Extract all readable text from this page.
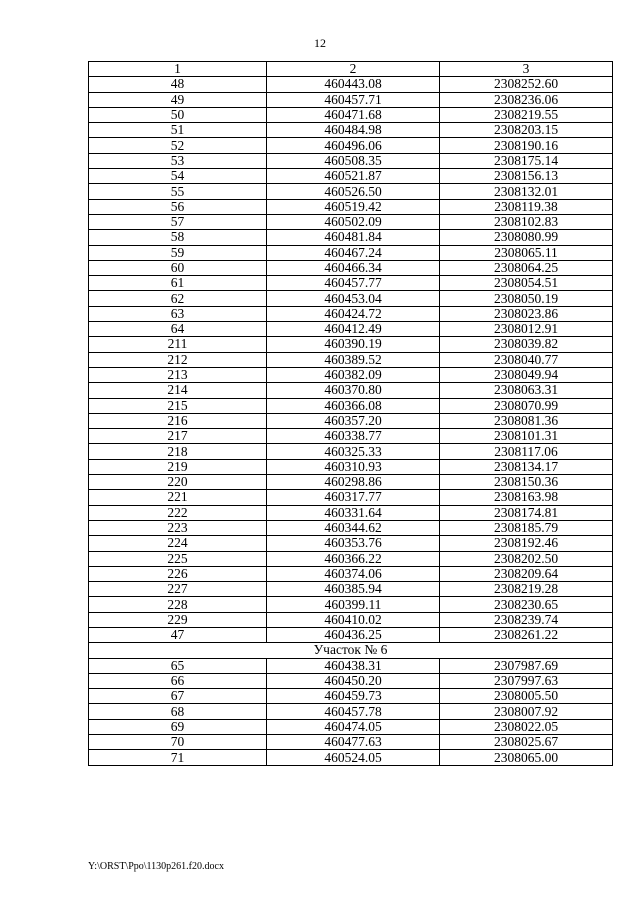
12
1	2	3
48	460443.08	2308252.60
49	460457.71	2308236.06
50	460471.68	2308219.55
51	460484.98	2308203.15
52	460496.06	2308190.16
53	460508.35	2308175.14
54	460521.87	2308156.13
55	460526.50	2308132.01
56	460519.42	2308119.38
57	460502.09	2308102.83
58	460481.84	2308080.99
59	460467.24	2308065.11
60	460466.34	2308064.25
61	460457.77	2308054.51
62	460453.04	2308050.19
63	460424.72	2308023.86
64	460412.49	2308012.91
211	460390.19	2308039.82
212	460389.52	2308040.77
213	460382.09	2308049.94
214	460370.80	2308063.31
215	460366.08	2308070.99
216	460357.20	2308081.36
217	460338.77	2308101.31
218	460325.33	2308117.06
219	460310.93	2308134.17
220	460298.86	2308150.36
221	460317.77	2308163.98
222	460331.64	2308174.81
223	460344.62	2308185.79
224	460353.76	2308192.46
225	460366.22	2308202.50
226	460374.06	2308209.64
227	460385.94	2308219.28
228	460399.11	2308230.65
229	460410.02	2308239.74
47	460436.25	2308261.22
Участок № 6		
65	460438.31	2307987.69
66	460450.20	2307997.63
67	460459.73	2308005.50
68	460457.78	2308007.92
69	460474.05	2308022.05
70	460477.63	2308025.67
71	460524.05	2308065.00
Y:\ORST\Ppo\1130p261.f20.docx
